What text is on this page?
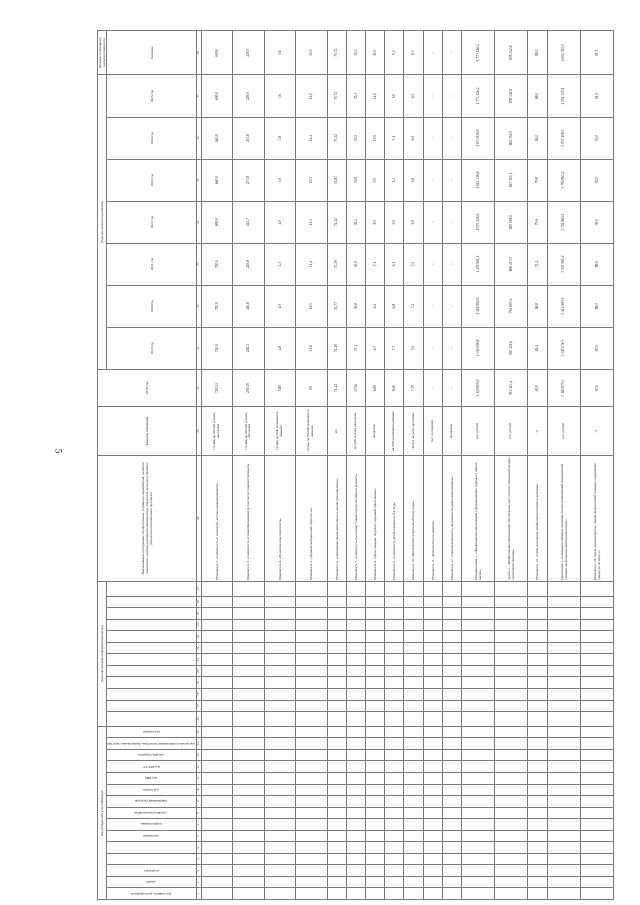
5
Код бюджетной классификации															Дополнительный информационный код												Наименование программы, подпрограммы, основного мероприятия, целевого показателя, административного мероприятия, показателя непосредственного результата или конечного результата	Единица измерения	2018 год	Годы реализации программы							Целевое (суммарное) значение показателя
код главного распорядителя	раздел	подраздел			программа	подпрограмма	основное мероприятие	направление расходов	код поиска	код КВР	код КОСГУ	код вида бюджета	код целевого назначения (областные, федеральные средства)	код резерва																2019 год	2020 год	2021 год	2022 год	2023 год	2024 год	2025 год	Значение
1	2	3	4	5	6	7	8	9	10	11	12	13	14	15	16	17	18	19	20	21	22	23	24	25	26	27	28	29	30	31	32	33	34	35	36	37	38
																											Показатель 2. «Смертность от болезней системы кровообращения»	случаев на 100 000 человек населения	729,21	720,0	715,0	710,0	690,0	660,0	640,0	600,0	600,0
																											Показатель 3. «Смертность от новообразований (в том числе злокачественных)»	случаев на 100 000 человек населения	250,45	248,1	246,8	245,8	243,7	237,8	233,8	229,5	229,5
																											Показатель 4. «Младенческая смертность»	случаев на 1000 родившихся живыми	5,80	4,8	4,5	4,3	4,0	3,9	3,8	3,6	3,6
																											Показатель 5. «Уровень материнской смертности»	случаев на 100 000 родившихся живыми	0,0	11,6	11,5	11,4	11,3	12,5	12,4	12,0	12,0
																											Показатель 6. «Ожидаемая продолжительность жизни при рождении»	лет	71,42	71,40	72,77	73,39	74,22	74,83	75,32	75,72	75,72
																											Показатель 7. «Смертность населения старше трудоспособного возраста»	на 1000 человек населения	37,56	37,1	36,8	36,5	36,2	35,8	35,5	35,3	35,3
																											Показатель 8. «Доля граждан, ведущих здоровый образ жизни»	процентов	6,80	6,7	6,2	7,1	8,3	9,5	10,5	11,0	11,0
																											Показатель 9. «Смертность детей в возрасте 0-4 года»	на 1000 родившихся живыми	8,26	7,7	6,8	6,1	5,5	5,3	5,1	5,0	5,0
																											Показатель 10. «Потребление алкогольной продукции»	литров на душу населения	7,79	7,6	7,4	7,2	6,9	6,8	6,5	6,3	6,3
																											Показатель 11. «Количество посещений»	тыс. посещений	-	-	-	-	-	-	-	-	-
																											Показатель 12. «Удовлетворенность населения медицинской помощью»	процентов	-	-	-	-	-	-	-	-	-
																											Подпрограмма 1. «Профилактика заболеваний и формирование здорового образа жизни»	тыс. рублей	1 420 809,5	1 336 098,8	1 418 992,9	1 479 961,4	1 573 416,6	1 612 346,8	1 673 836,9	1 773 126,2	1 773 126,2
																											Задача 1. «Профилактика заболеваний, обеспечение доступности первичной медико-санитарной помощи»	тыс. рублей	781 413,4	780 321,6	794 697,4	808 217,0	825 058,0	847 319,1	862 352,5	878 342,8	878 342,8
																											Показатель 13. «Охват населения профилактическими осмотрами»	%	65,9	65,4	68,8	72,4	75,6	79,8	84,0	88,0	88,0
																											Программа 2. «Совершенствование оказания специализированной медицинской помощи, включая высокотехнологичную»	тыс. рублей	3 484 875,3	3 349 576,5	3 414 993,5	3 527 561,6	3 724 862,2	3 792 863,2	3 933 108,5	4 001 325,1	4 001 325,1
																											Показатель 14. «Доля выездов бригад скорой медицинской помощи со временем доезда до 20 минут»	%	87,6	87,0	88,0	89,0	90,0	90,5	91,0	91,5	91,5
